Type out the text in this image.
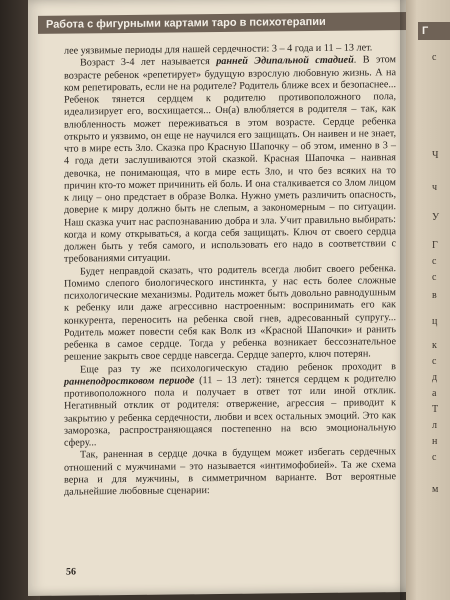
Работа с фигурными картами таро в психотерапии

лее уязвимые периоды для нашей сердечности: 3 – 4 года и 11 – 13 лет.

Возраст 3-4 лет называется ранней Эдипальной стадией. В этом возрасте ребенок «репетирует» будущую взрослую любовную жизнь. А на ком репетировать, если не на родителе? Родитель ближе всех и безопаснее... Ребенок тянется сердцем к родителю противоположного пола, идеализирует его, восхищается... Он(а) влюбляется в родителя – так, как влюбленность может переживаться в этом возрасте. Сердце ребенка открыто и уязвимо, он еще не научился его защищать. Он наивен и не знает, что в мире есть Зло. Сказка про Красную Шапочку – об этом, именно в 3 – 4 года дети заслушиваются этой сказкой. Красная Шапочка – наивная девочка, не понимающая, что в мире есть Зло, и что без всяких на то причин кто-то может причинить ей боль. И она сталкивается со Злом лицом к лицу – оно предстает в образе Волка. Нужно уметь различить опасность, доверие к миру должно быть не слепым, а закономерным – по ситуации. Наш сказка учит нас распознаванию добра и зла. Учит правильно выбирать: когда и кому открываться, а когда себя защищать. Ключ от своего сердца должен быть у тебя самого, и использовать его надо в соответствии с требованиями ситуации.

Будет неправдой сказать, что родитель всегда любит своего ребенка. Помимо слепого биологического инстинкта, у нас есть более сложные психологические механизмы. Родитель может быть довольно равнодушным к ребенку или даже агрессивно настроенным: воспринимать его как конкурента, переносить на ребенка свой гнев, адресованный супругу... Родитель может повести себя как Волк из «Красной Шапочки» и ранить ребенка в самое сердце. Тогда у ребенка возникает бессознательное решение закрыть свое сердце навсегда. Сердце заперто, ключ потерян.

Еще раз ту же психологическую стадию ребенок проходит в раннеподростковом периоде (11 – 13 лет): тянется сердцем к родителю противоположного пола и получает в ответ тот или иной отклик. Негативный отклик от родителя: отвержение, агрессия – приводит к закрытию у ребенка сердечности, любви и всех остальных эмоций. Это как заморозка, распространяющаяся постепенно на всю эмоциональную сферу...

Так, раненная в сердце дочка в будущем может избегать сердечных отношений с мужчинами – это называется «интимофобией». Та же схема верна и для мужчины, в симметричном варианте. Вот вероятные дальнейшие любовные сценарии:

56
с
Ч
ч
У
Г
с
с
в
ц
к
с
д
а
Т
л
н
с
м
Г
